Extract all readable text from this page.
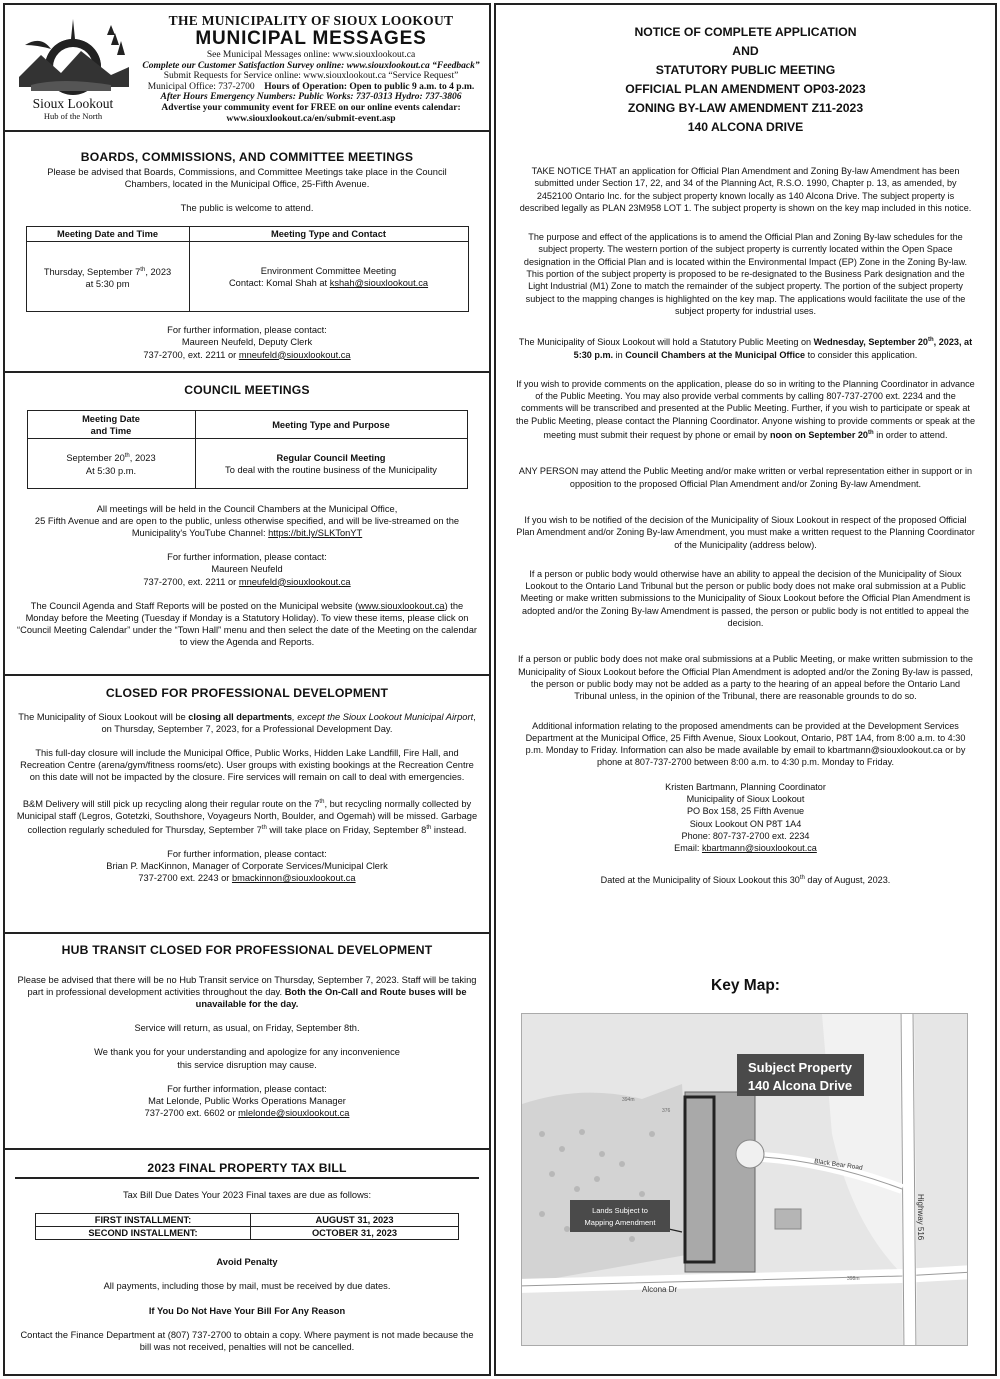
Sioux Lookout
Hub of the North
THE MUNICIPALITY OF SIOUX LOOKOUT
MUNICIPAL MESSAGES
See Municipal Messages online: www.siouxlookout.ca
Complete our Customer Satisfaction Survey online: www.siouxlookout.ca “Feedback”
Submit Requests for Service online: www.siouxlookout.ca “Service Request”
Municipal Office: 737-2700 Hours of Operation: Open to public 9 a.m. to 4 p.m.
After Hours Emergency Numbers: Public Works: 737-0313 Hydro: 737-3806
Advertise your community event for FREE on our online events calendar:
www.siouxlookout.ca/en/submit-event.asp
BOARDS, COMMISSIONS, AND COMMITTEE MEETINGS
Please be advised that Boards, Commissions, and Committee Meetings take place in the Council Chambers, located in the Municipal Office, 25-Fifth Avenue.
The public is welcome to attend.
Meeting Date and Time	Meeting Type and Contact
Thursday, September 7th, 2023
at 5:30 pm	Environment Committee Meeting
Contact: Komal Shah at kshah@siouxlookout.ca
For further information, please contact:
Maureen Neufeld, Deputy Clerk
737-2700, ext. 2211 or mneufeld@siouxlookout.ca
COUNCIL MEETINGS
Meeting Date
and Time	Meeting Type and Purpose
September 20th, 2023
At 5:30 p.m.	Regular Council Meeting
To deal with the routine business of the Municipality
All meetings will be held in the Council Chambers at the Municipal Office,
25 Fifth Avenue and are open to the public, unless otherwise specified, and will be live-streamed on the
Municipality's YouTube Channel: https://bit.ly/SLKTonYT
For further information, please contact:
Maureen Neufeld
737-2700, ext. 2211 or mneufeld@siouxlookout.ca
The Council Agenda and Staff Reports will be posted on the Municipal website (www.siouxlookout.ca) the Monday before the Meeting (Tuesday if Monday is a Statutory Holiday). To view these items, please click on “Council Meeting Calendar” under the “Town Hall” menu and then select the date of the Meeting on the calendar to view the Agenda and Reports.
CLOSED FOR PROFESSIONAL DEVELOPMENT
The Municipality of Sioux Lookout will be closing all departments, except the Sioux Lookout Municipal Airport, on Thursday, September 7, 2023, for a Professional Development Day.
This full-day closure will include the Municipal Office, Public Works, Hidden Lake Landfill, Fire Hall, and Recreation Centre (arena/gym/fitness rooms/etc). User groups with existing bookings at the Recreation Centre on this date will not be impacted by the closure. Fire services will remain on call to deal with emergencies.
B&M Delivery will still pick up recycling along their regular route on the 7th, but recycling normally collected by Municipal staff (Legros, Gotetzki, Southshore, Voyageurs North, Boulder, and Ogemah) will be missed. Garbage collection regularly scheduled for Thursday, September 7th will take place on Friday, September 8th instead.
For further information, please contact:
Brian P. MacKinnon, Manager of Corporate Services/Municipal Clerk
737-2700 ext. 2243 or bmackinnon@siouxlookout.ca
HUB TRANSIT CLOSED FOR PROFESSIONAL DEVELOPMENT
Please be advised that there will be no Hub Transit service on Thursday, September 7, 2023. Staff will be taking part in professional development activities throughout the day. Both the On-Call and Route buses will be unavailable for the day.
Service will return, as usual, on Friday, September 8th.
We thank you for your understanding and apologize for any inconvenience
this service disruption may cause.
For further information, please contact:
Mat Lelonde, Public Works Operations Manager
737-2700 ext. 6602 or mlelonde@siouxlookout.ca
2023 FINAL PROPERTY TAX BILL
Tax Bill Due Dates Your 2023 Final taxes are due as follows:
FIRST INSTALLMENT:	AUGUST 31, 2023
SECOND INSTALLMENT:	OCTOBER 31, 2023
Avoid Penalty
All payments, including those by mail, must be received by due dates.
If You Do Not Have Your Bill For Any Reason
Contact the Finance Department at (807) 737-2700 to obtain a copy. Where payment is not made because the bill was not received, penalties will not be cancelled.
NOTICE OF COMPLETE APPLICATION
AND
STATUTORY PUBLIC MEETING
OFFICIAL PLAN AMENDMENT OP03-2023
ZONING BY-LAW AMENDMENT Z11-2023
140 ALCONA DRIVE
TAKE NOTICE THAT an application for Official Plan Amendment and Zoning By-law Amendment has been submitted under Section 17, 22, and 34 of the Planning Act, R.S.O. 1990, Chapter p. 13, as amended, by 2452100 Ontario Inc. for the subject property known locally as 140 Alcona Drive. The subject property is described legally as PLAN 23M958 LOT 1. The subject property is shown on the key map included in this notice.
The purpose and effect of the applications is to amend the Official Plan and Zoning By-law schedules for the subject property. The western portion of the subject property is currently located within the Open Space designation in the Official Plan and is located within the Environmental Impact (EP) Zone in the Zoning By-law. This portion of the subject property is proposed to be re-designated to the Business Park designation and the Light Industrial (M1) Zone to match the remainder of the subject property. The portion of the subject property subject to the mapping changes is highlighted on the key map. The applications would facilitate the use of the subject property for industrial uses.
The Municipality of Sioux Lookout will hold a Statutory Public Meeting on Wednesday, September 20th, 2023, at 5:30 p.m. in Council Chambers at the Municipal Office to consider this application.
If you wish to provide comments on the application, please do so in writing to the Planning Coordinator in advance of the Public Meeting. You may also provide verbal comments by calling 807-737-2700 ext. 2234 and the comments will be transcribed and presented at the Public Meeting. Further, if you wish to participate or speak at the Public Meeting, please contact the Planning Coordinator. Anyone wishing to provide comments or speak at the meeting must submit their request by phone or email by noon on September 20th in order to attend.
ANY PERSON may attend the Public Meeting and/or make written or verbal representation either in support or in opposition to the proposed Official Plan Amendment and/or Zoning By-law Amendment.
If you wish to be notified of the decision of the Municipality of Sioux Lookout in respect of the proposed Official Plan Amendment and/or Zoning By-law Amendment, you must make a written request to the Planning Coordinator of the Municipality (address below).
If a person or public body would otherwise have an ability to appeal the decision of the Municipality of Sioux Lookout to the Ontario Land Tribunal but the person or public body does not make oral submission at a Public Meeting or make written submissions to the Municipality of Sioux Lookout before the Official Plan Amendment is adopted and/or the Zoning By-law Amendment is passed, the person or public body is not entitled to appeal the decision.
If a person or public body does not make oral submissions at a Public Meeting, or make written submission to the Municipality of Sioux Lookout before the Official Plan Amendment is adopted and/or the Zoning By-law is passed, the person or public body may not be added as a party to the hearing of an appeal before the Ontario Land Tribunal unless, in the opinion of the Tribunal, there are reasonable grounds to do so.
Additional information relating to the proposed amendments can be provided at the Development Services Department at the Municipal Office, 25 Fifth Avenue, Sioux Lookout, Ontario, P8T 1A4, from 8:00 a.m. to 4:30 p.m. Monday to Friday. Information can also be made available by email to kbartmann@siouxlookout.ca or by phone at 807-737-2700 between 8:00 a.m. to 4:30 p.m. Monday to Friday.
Kristen Bartmann, Planning Coordinator
Municipality of Sioux Lookout
PO Box 158, 25 Fifth Avenue
Sioux Lookout ON P8T 1A4
Phone: 807-737-2700 ext. 2234
Email: kbartmann@siouxlookout.ca
Dated at the Municipality of Sioux Lookout this 30th day of August, 2023.
Key Map:
Subject Property
140 Alcona Drive
Lands Subject to
Mapping Amendment
Alcona Dr
Highway 516
Black Bear Road
394m
376
398m
